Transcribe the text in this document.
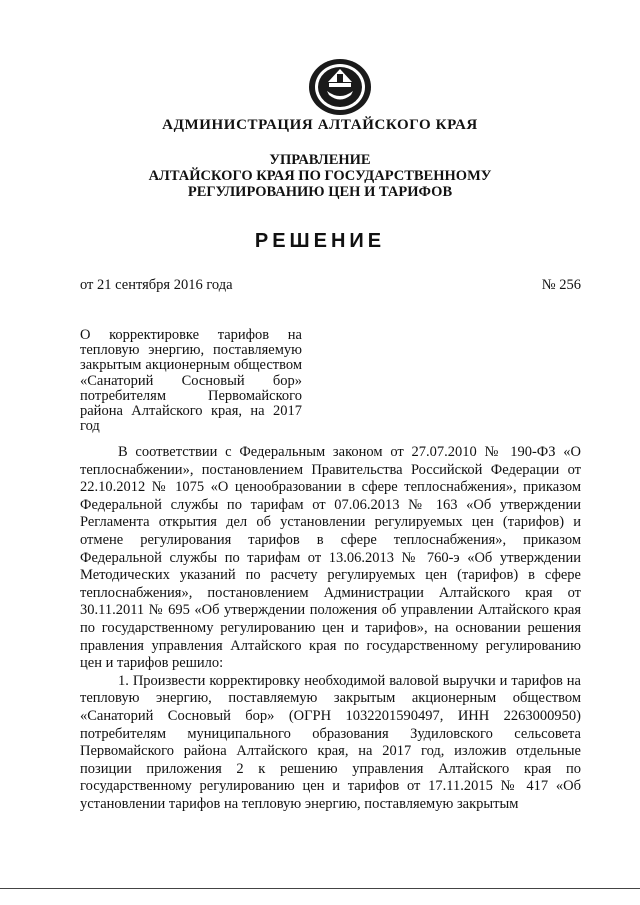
АДМИНИСТРАЦИЯ АЛТАЙСКОГО КРАЯ
УПРАВЛЕНИЕ
АЛТАЙСКОГО КРАЯ ПО ГОСУДАРСТВЕННОМУ
РЕГУЛИРОВАНИЮ ЦЕН И ТАРИФОВ
РЕШЕНИЕ
от 21 сентября 2016 года	№ 256
О корректировке тарифов на тепловую энергию, поставляемую закрытым акционерным обществом «Санаторий Сосновый бор» потребителям Первомайского района Алтайского края, на 2017 год

В соответствии с Федеральным законом от 27.07.2010 № 190-ФЗ «О теплоснабжении», постановлением Правительства Российской Федерации от 22.10.2012 № 1075 «О ценообразовании в сфере теплоснабжения», приказом Федеральной службы по тарифам от 07.06.2013 № 163 «Об утверждении Регламента открытия дел об установлении регулируемых цен (тарифов) и отмене регулирования тарифов в сфере теплоснабжения», приказом Федеральной службы по тарифам от 13.06.2013 № 760-э «Об утверждении Методических указаний по расчету регулируемых цен (тарифов) в сфере теплоснабжения», постановлением Администрации Алтайского края от 30.11.2011 № 695 «Об утверждении положения об управлении Алтайского края по государственному регулированию цен и тарифов», на основании решения правления управления Алтайского края по государственному регулированию цен и тарифов решило:

1. Произвести корректировку необходимой валовой выручки и тарифов на тепловую энергию, поставляемую закрытым акционерным обществом «Санаторий Сосновый бор» (ОГРН 1032201590497, ИНН 2263000950) потребителям муниципального образования Зудиловского сельсовета Первомайского района Алтайского края, на 2017 год, изложив отдельные позиции приложения 2 к решению управления Алтайского края по государственному регулированию цен и тарифов от 17.11.2015 № 417 «Об установлении тарифов на тепловую энергию, поставляемую закрытым
